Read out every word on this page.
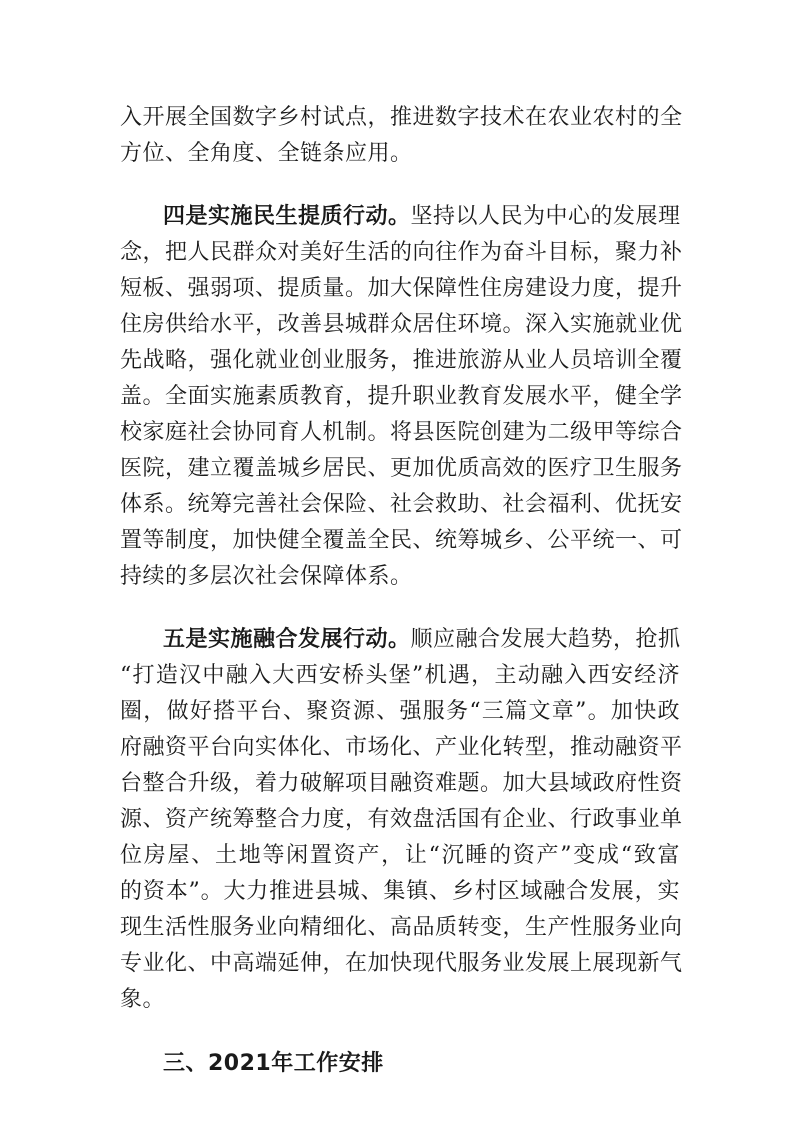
入开展全国数字乡村试点，推进数字技术在农业农村的全
方位、全角度、全链条应用。
四是实施民生提质行动。坚持以人民为中心的发展理
念，把人民群众对美好生活的向往作为奋斗目标，聚力补
短板、强弱项、提质量。加大保障性住房建设力度，提升
住房供给水平，改善县城群众居住环境。深入实施就业优
先战略，强化就业创业服务，推进旅游从业人员培训全覆
盖。全面实施素质教育，提升职业教育发展水平，健全学
校家庭社会协同育人机制。将县医院创建为二级甲等综合
医院，建立覆盖城乡居民、更加优质高效的医疗卫生服务
体系。统筹完善社会保险、社会救助、社会福利、优抚安
置等制度，加快健全覆盖全民、统筹城乡、公平统一、可
持续的多层次社会保障体系。
五是实施融合发展行动。顺应融合发展大趋势，抢抓
“打造汉中融入大西安桥头堡”机遇，主动融入西安经济
圈，做好搭平台、聚资源、强服务“三篇文章”。加快政
府融资平台向实体化、市场化、产业化转型，推动融资平
台整合升级，着力破解项目融资难题。加大县域政府性资
源、资产统筹整合力度，有效盘活国有企业、行政事业单
位房屋、土地等闲置资产，让“沉睡的资产”变成“致富
的资本”。大力推进县城、集镇、乡村区域融合发展，实
现生活性服务业向精细化、高品质转变，生产性服务业向
专业化、中高端延伸，在加快现代服务业发展上展现新气
象。
三、2021年工作安排
